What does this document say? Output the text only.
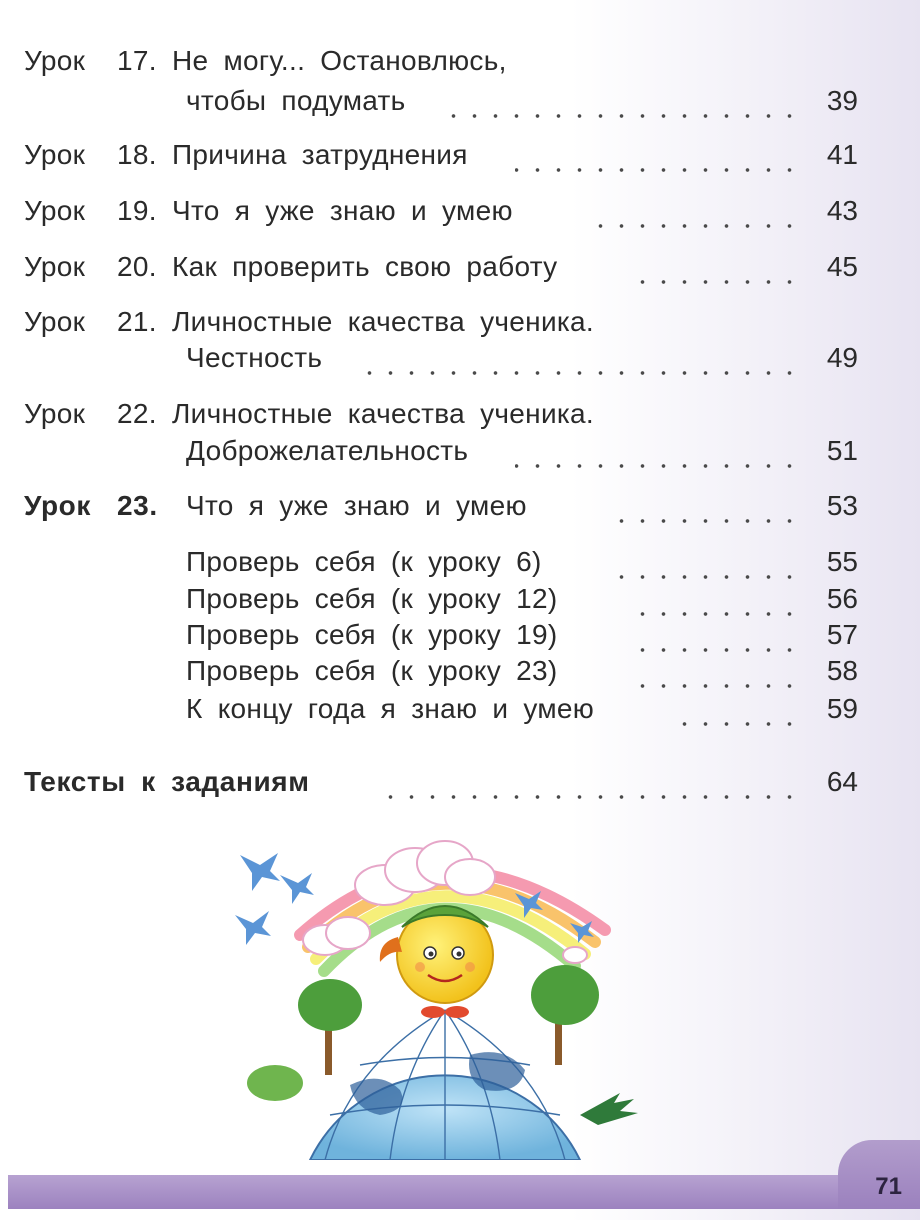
Урок 17. Не могу... Остановлюсь,
чтобы подумать	39
Урок 18. Причина затруднения	41
Урок 19. Что я уже знаю и умею	43
Урок 20. Как проверить свою работу	45
Урок 21. Личностные качества ученика.
Честность	49
Урок 22. Личностные качества ученика.
Доброжелательность	51
Урок 23. Что я уже знаю и умею	53
Проверь себя (к уроку 6)	55
Проверь себя (к уроку 12)	56
Проверь себя (к уроку 19)	57
Проверь себя (к уроку 23)	58
К концу года я знаю и умею	59
Тексты к заданиям	64
71
